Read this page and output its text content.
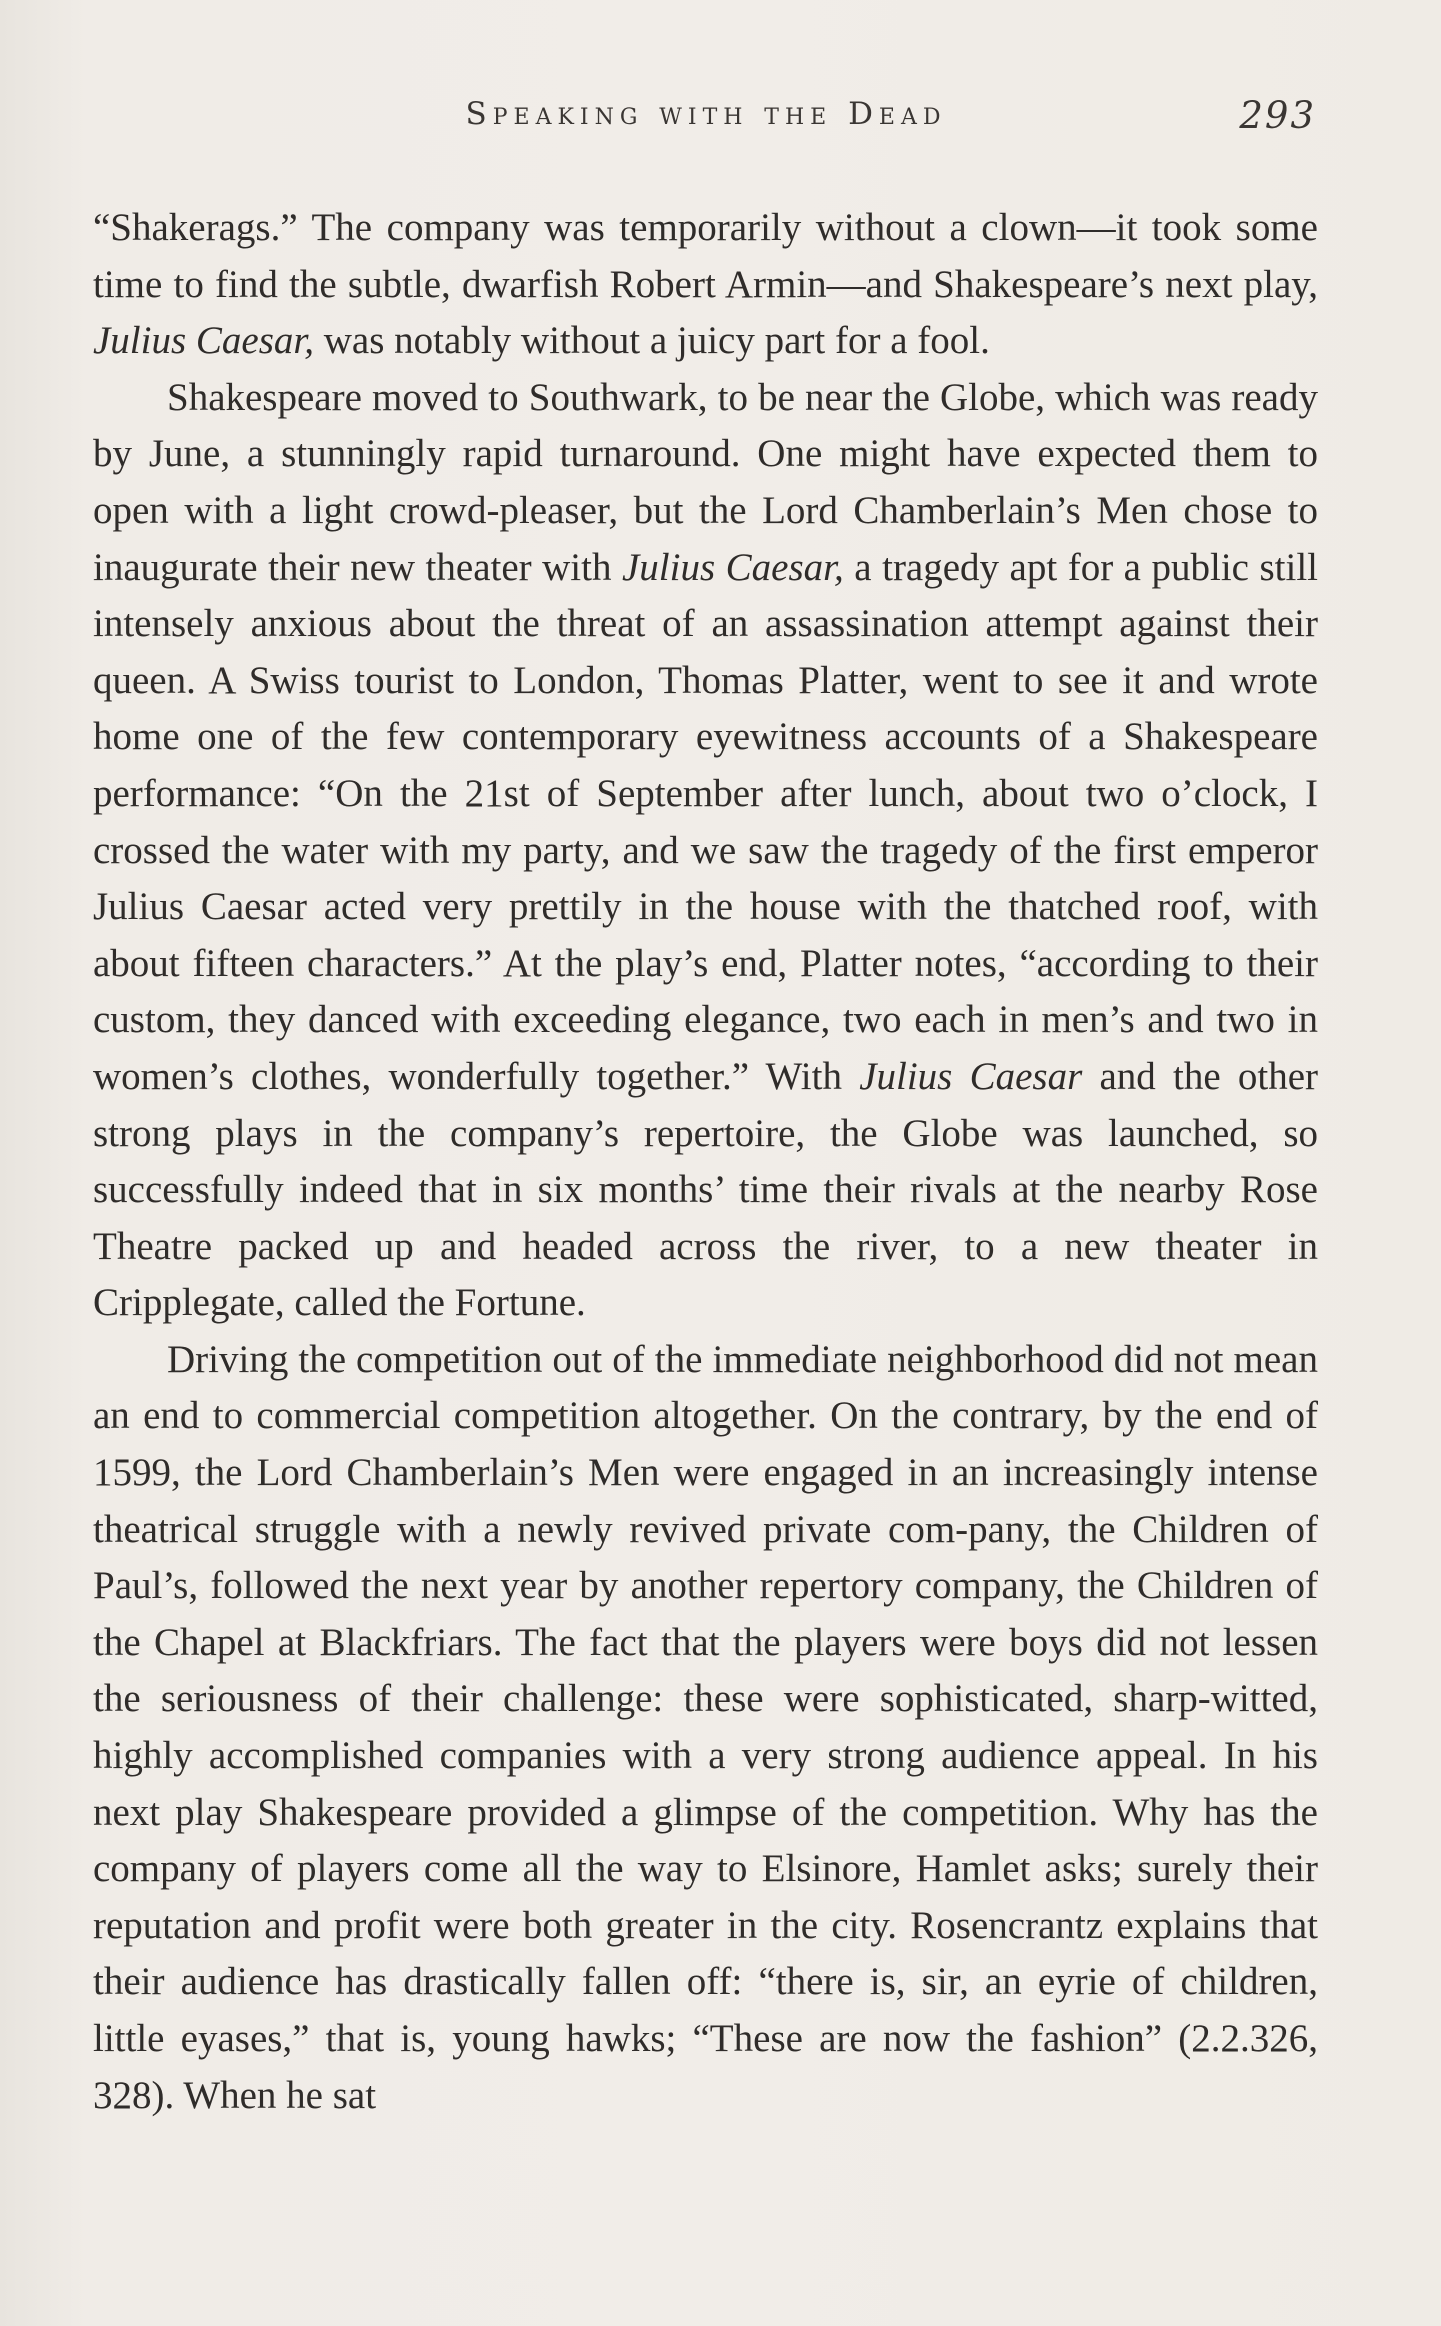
Speaking with the Dead	293

“Shakerags.” The company was temporarily without a clown—it took some time to find the subtle, dwarfish Robert Armin—and Shakespeare’s next play, Julius Caesar, was notably without a juicy part for a fool.

Shakespeare moved to Southwark, to be near the Globe, which was ready by June, a stunningly rapid turnaround. One might have expected them to open with a light crowd-pleaser, but the Lord Chamberlain’s Men chose to inaugurate their new theater with Julius Caesar, a tragedy apt for a public still intensely anxious about the threat of an assassination attempt against their queen. A Swiss tourist to London, Thomas Platter, went to see it and wrote home one of the few contemporary eyewitness accounts of a Shakespeare performance: “On the 21st of September after lunch, about two o’clock, I crossed the water with my party, and we saw the tragedy of the first emperor Julius Caesar acted very prettily in the house with the thatched roof, with about fifteen characters.” At the play’s end, Platter notes, “according to their custom, they danced with exceeding elegance, two each in men’s and two in women’s clothes, wonderfully together.” With Julius Caesar and the other strong plays in the company’s repertoire, the Globe was launched, so successfully indeed that in six months’ time their rivals at the nearby Rose Theatre packed up and headed across the river, to a new theater in Cripplegate, called the Fortune.

Driving the competition out of the immediate neighborhood did not mean an end to commercial competition altogether. On the contrary, by the end of 1599, the Lord Chamberlain’s Men were engaged in an increasingly intense theatrical struggle with a newly revived private com-pany, the Children of Paul’s, followed the next year by another repertory company, the Children of the Chapel at Blackfriars. The fact that the players were boys did not lessen the seriousness of their challenge: these were sophisticated, sharp-witted, highly accomplished companies with a very strong audience appeal. In his next play Shakespeare provided a glimpse of the competition. Why has the company of players come all the way to Elsinore, Hamlet asks; surely their reputation and profit were both greater in the city. Rosencrantz explains that their audience has drastically fallen off: “there is, sir, an eyrie of children, little eyases,” that is, young hawks; “These are now the fashion” (2.2.326, 328). When he sat
